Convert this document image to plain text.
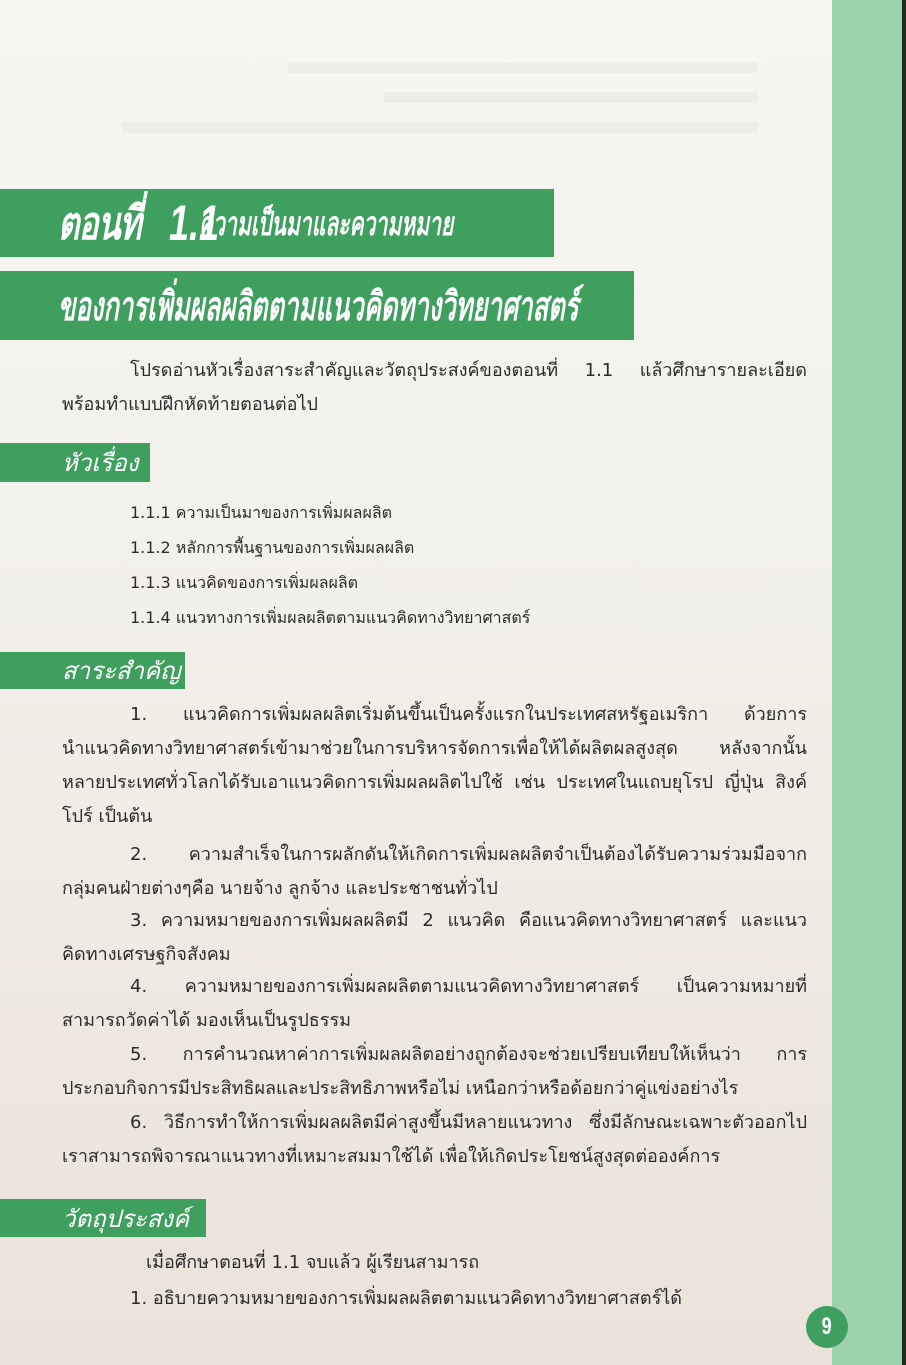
ตอนที่ 1.1
ความเป็นมาและความหมาย
ของการเพิ่มผลผลิตตามแนวคิดทางวิทยาศาสตร์
โปรดอ่านหัวเรื่องสาระสำคัญและวัตถุประสงค์ของตอนที่ 1.1 แล้วศึกษารายละเอียด
พร้อมทำแบบฝึกหัดท้ายตอนต่อไป
หัวเรื่อง
1.1.1 ความเป็นมาของการเพิ่มผลผลิต
1.1.2 หลักการพื้นฐานของการเพิ่มผลผลิต
1.1.3 แนวคิดของการเพิ่มผลผลิต
1.1.4 แนวทางการเพิ่มผลผลิตตามแนวคิดทางวิทยาศาสตร์
สาระสำคัญ
1. แนวคิดการเพิ่มผลผลิตเริ่มต้นขึ้นเป็นครั้งแรกในประเทศสหรัฐอเมริกา ด้วยการ
นำแนวคิดทางวิทยาศาสตร์เข้ามาช่วยในการบริหารจัดการเพื่อให้ได้ผลิตผลสูงสุด หลังจากนั้นหลายประเทศทั่วโลกได้รับเอาแนวคิดการเพิ่มผลผลิตไปใช้ เช่น ประเทศในแถบยุโรป ญี่ปุ่น สิงค์โปร์ เป็นต้น
2. ความสำเร็จในการผลักดันให้เกิดการเพิ่มผลผลิตจำเป็นต้องได้รับความร่วมมือจาก
กลุ่มคนฝ่ายต่างๆคือ นายจ้าง ลูกจ้าง และประชาชนทั่วไป
3. ความหมายของการเพิ่มผลผลิตมี 2 แนวคิด คือแนวคิดทางวิทยาศาสตร์ และแนว
คิดทางเศรษฐกิจสังคม
4. ความหมายของการเพิ่มผลผลิตตามแนวคิดทางวิทยาศาสตร์ เป็นความหมายที่
สามารถวัดค่าได้ มองเห็นเป็นรูปธรรม
5. การคำนวณหาค่าการเพิ่มผลผลิตอย่างถูกต้องจะช่วยเปรียบเทียบให้เห็นว่า การ
ประกอบกิจการมีประสิทธิผลและประสิทธิภาพหรือไม่ เหนือกว่าหรือด้อยกว่าคู่แข่งอย่างไร
6. วิธีการทำให้การเพิ่มผลผลิตมีค่าสูงขึ้นมีหลายแนวทาง ซึ่งมีลักษณะเฉพาะตัวออกไป
เราสามารถพิจารณาแนวทางที่เหมาะสมมาใช้ได้ เพื่อให้เกิดประโยชน์สูงสุดต่อองค์การ
วัตถุประสงค์
เมื่อศึกษาตอนที่ 1.1 จบแล้ว ผู้เรียนสามารถ
1. อธิบายความหมายของการเพิ่มผลผลิตตามแนวคิดทางวิทยาศาสตร์ได้
9
